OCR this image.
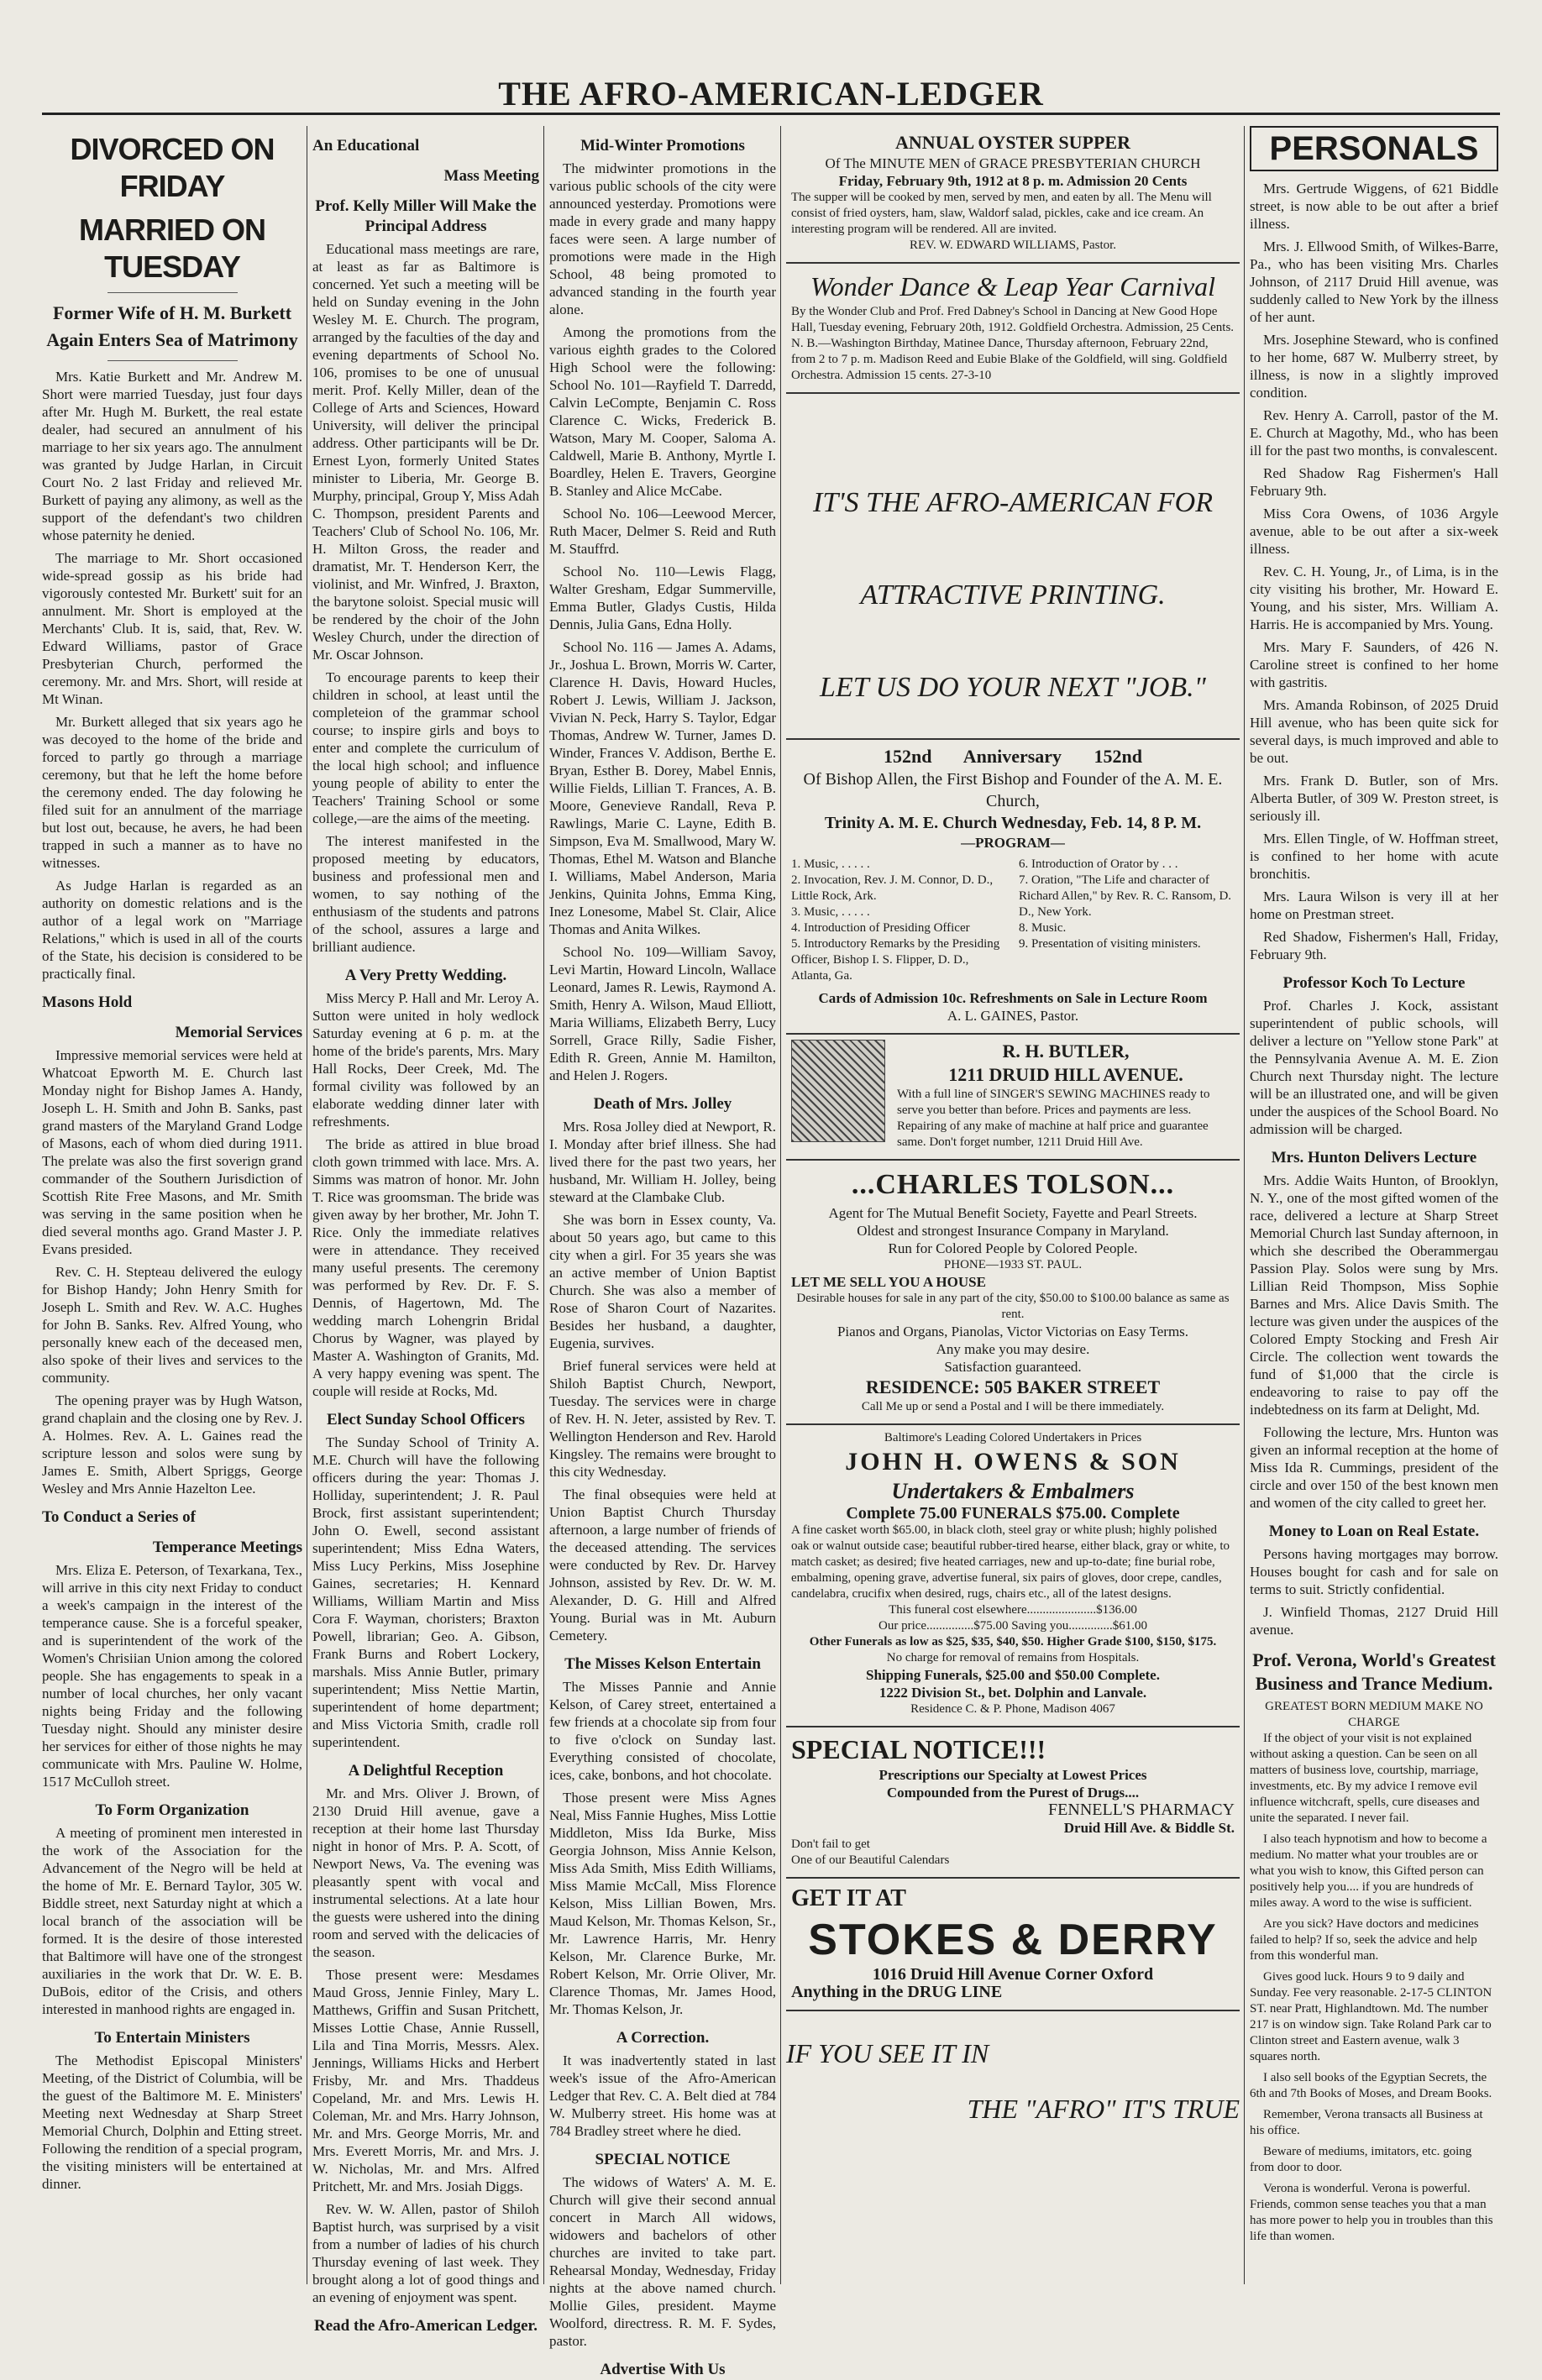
THE AFRO-AMERICAN-LEDGER
DIVORCED ON FRIDAY
MARRIED ON TUESDAY
Former Wife of H. M. Burkett Again Enters Sea of Matrimony

Mrs. Katie Burkett and Mr. Andrew M. Short were married Tuesday, just four days after Mr. Hugh M. Burkett, the real estate dealer, had secured an annulment of his marriage to her six years ago. The annulment was granted by Judge Harlan, in Circuit Court No. 2 last Friday and relieved Mr. Burkett of paying any alimony, as well as the support of the defendant's two children whose paternity he denied.

The marriage to Mr. Short occasioned wide-spread gossip as his bride had vigorously contested Mr. Burkett' suit for an annulment. Mr. Short is employed at the Merchants' Club. It is, said, that, Rev. W. Edward Williams, pastor of Grace Presbyterian Church, performed the ceremony. Mr. and Mrs. Short, will reside at Mt Winan.

Mr. Burkett alleged that six years ago he was decoyed to the home of the bride and forced to partly go through a marriage ceremony, but that he left the home before the ceremony ended. The day folowing he filed suit for an annulment of the marriage but lost out, because, he avers, he had been trapped in such a manner as to have no witnesses.

As Judge Harlan is regarded as an authority on domestic relations and is the author of a legal work on "Marriage Relations," which is used in all of the courts of the State, his decision is considered to be practically final.

Masons Hold
Memorial Services

Impressive memorial services were held at Whatcoat Epworth M. E. Church last Monday night for Bishop James A. Handy, Joseph L. H. Smith and John B. Sanks, past grand masters of the Maryland Grand Lodge of Masons, each of whom died during 1911. The prelate was also the first soverign grand commander of the Southern Jurisdiction of Scottish Rite Free Masons, and Mr. Smith was serving in the same position when he died several months ago. Grand Master J. P. Evans presided.

Rev. C. H. Stepteau delivered the eulogy for Bishop Handy; John Henry Smith for Joseph L. Smith and Rev. W. A.C. Hughes for John B. Sanks. Rev. Alfred Young, who personally knew each of the deceased men, also spoke of their lives and services to the community.

The opening prayer was by Hugh Watson, grand chaplain and the closing one by Rev. J. A. Holmes. Rev. A. L. Gaines read the scripture lesson and solos were sung by James E. Smith, Albert Spriggs, George Wesley and Mrs Annie Hazelton Lee.

To Conduct a Series of
Temperance Meetings

Mrs. Eliza E. Peterson, of Texarkana, Tex., will arrive in this city next Friday to conduct a week's campaign in the interest of the temperance cause. She is a forceful speaker, and is superintendent of the work of the Women's Chrisiian Union among the colored people. She has engagements to speak in a number of local churches, her only vacant nights being Friday and the following Tuesday night. Should any minister desire her services for either of those nights he may communicate with Mrs. Pauline W. Holme, 1517 McCulloh street.

To Form Organization

A meeting of prominent men interested in the work of the Association for the Advancement of the Negro will be held at the home of Mr. E. Bernard Taylor, 305 W. Biddle street, next Saturday night at which a local branch of the association will be formed. It is the desire of those interested that Baltimore will have one of the strongest auxiliaries in the work that Dr. W. E. B. DuBois, editor of the Crisis, and others interested in manhood rights are engaged in.

To Entertain Ministers

The Methodist Episcopal Ministers' Meeting, of the District of Columbia, will be the guest of the Baltimore M. E. Ministers' Meeting next Wednesday at Sharp Street Memorial Church, Dolphin and Etting street. Following the rendition of a special program, the visiting ministers will be entertained at dinner.

An Educational
Mass Meeting
Prof. Kelly Miller Will Make the Principal Address

Educational mass meetings are rare, at least as far as Baltimore is concerned. Yet such a meeting will be held on Sunday evening in the John Wesley M. E. Church. The program, arranged by the faculties of the day and evening departments of School No. 106, promises to be one of unusual merit. Prof. Kelly Miller, dean of the College of Arts and Sciences, Howard University, will deliver the principal address. Other participants will be Dr. Ernest Lyon, formerly United States minister to Liberia, Mr. George B. Murphy, principal, Group Y, Miss Adah C. Thompson, president Parents and Teachers' Club of School No. 106, Mr. H. Milton Gross, the reader and dramatist, Mr. T. Henderson Kerr, the violinist, and Mr. Winfred, J. Braxton, the barytone soloist. Special music will be rendered by the choir of the John Wesley Church, under the direction of Mr. Oscar Johnson.

To encourage parents to keep their children in school, at least until the completeion of the grammar school course; to inspire girls and boys to enter and complete the curriculum of the local high school; and influence young people of ability to enter the Teachers' Training School or some college,—are the aims of the meeting.

The interest manifested in the proposed meeting by educators, business and professional men and women, to say nothing of the enthusiasm of the students and patrons of the school, assures a large and brilliant audience.

A Very Pretty Wedding.

Miss Mercy P. Hall and Mr. Leroy A. Sutton were united in holy wedlock Saturday evening at 6 p. m. at the home of the bride's parents, Mrs. Mary Hall Rocks, Deer Creek, Md. The formal civility was followed by an elaborate wedding dinner later with refreshments.

The bride as attired in blue broad cloth gown trimmed with lace. Mrs. A. Simms was matron of honor. Mr. John T. Rice was groomsman. The bride was given away by her brother, Mr. John T. Rice. Only the immediate relatives were in attendance. They received many useful presents. The ceremony was performed by Rev. Dr. F. S. Dennis, of Hagertown, Md. The wedding march Lohengrin Bridal Chorus by Wagner, was played by Master A. Washington of Granits, Md. A very happy evening was spent. The couple will reside at Rocks, Md.

Elect Sunday School Officers

The Sunday School of Trinity A. M.E. Church will have the following officers during the year: Thomas J. Holliday, superintendent; J. R. Paul Brock, first assistant superintendent; John O. Ewell, second assistant superintendent; Miss Edna Waters, Miss Lucy Perkins, Miss Josephine Gaines, secretaries; H. Kennard Williams, William Martin and Miss Cora F. Wayman, choristers; Braxton Powell, librarian; Geo. A. Gibson, Frank Burns and Robert Lockery, marshals. Miss Annie Butler, primary superintendent; Miss Nettie Martin, superintendent of home department; and Miss Victoria Smith, cradle roll superintendent.

A Delightful Reception

Mr. and Mrs. Oliver J. Brown, of 2130 Druid Hill avenue, gave a reception at their home last Thursday night in honor of Mrs. P. A. Scott, of Newport News, Va. The evening was pleasantly spent with vocal and instrumental selections. At a late hour the guests were ushered into the dining room and served with the delicacies of the season.

Those present were: Mesdames Maud Gross, Jennie Finley, Mary L. Matthews, Griffin and Susan Pritchett, Misses Lottie Chase, Annie Russell, Lila and Tina Morris, Messrs. Alex. Jennings, Williams Hicks and Herbert Frisby, Mr. and Mrs. Thaddeus Copeland, Mr. and Mrs. Lewis H. Coleman, Mr. and Mrs. Harry Johnson, Mr. and Mrs. George Morris, Mr. and Mrs. Everett Morris, Mr. and Mrs. J. W. Nicholas, Mr. and Mrs. Alfred Pritchett, Mr. and Mrs. Josiah Diggs.

Rev. W. W. Allen, pastor of Shiloh Baptist hurch, was surprised by a visit from a number of ladies of his church Thursday evening of last week. They brought along a lot of good things and an evening of enjoyment was spent.

Read the Afro-American Ledger.
Mid-Winter Promotions

The midwinter promotions in the various public schools of the city were announced yesterday. Promotions were made in every grade and many happy faces were seen. A large number of promotions were made in the High School, 48 being promoted to advanced standing in the fourth year alone.

Among the promotions from the various eighth grades to the Colored High School were the following: School No. 101—Rayfield T. Darredd, Calvin LeCompte, Benjamin C. Ross Clarence C. Wicks, Frederick B. Watson, Mary M. Cooper, Saloma A. Caldwell, Marie B. Anthony, Myrtle I. Boardley, Helen E. Travers, Georgine B. Stanley and Alice McCabe.

School No. 106—Leewood Mercer, Ruth Macer, Delmer S. Reid and Ruth M. Stauffrd.

School No. 110—Lewis Flagg, Walter Gresham, Edgar Summerville, Emma Butler, Gladys Custis, Hilda Dennis, Julia Gans, Edna Holly.

School No. 116 — James A. Adams, Jr., Joshua L. Brown, Morris W. Carter, Clarence H. Davis, Howard Hucles, Robert J. Lewis, William J. Jackson, Vivian N. Peck, Harry S. Taylor, Edgar Thomas, Andrew W. Turner, James D. Winder, Frances V. Addison, Berthe E. Bryan, Esther B. Dorey, Mabel Ennis, Willie Fields, Lillian T. Frances, A. B. Moore, Genevieve Randall, Reva P. Rawlings, Marie C. Layne, Edith B. Simpson, Eva M. Smallwood, Mary W. Thomas, Ethel M. Watson and Blanche I. Williams, Mabel Anderson, Maria Jenkins, Quinita Johns, Emma King, Inez Lonesome, Mabel St. Clair, Alice Thomas and Anita Wilkes.

School No. 109—William Savoy, Levi Martin, Howard Lincoln, Wallace Leonard, James R. Lewis, Raymond A. Smith, Henry A. Wilson, Maud Elliott, Maria Williams, Elizabeth Berry, Lucy Sorrell, Grace Rilly, Sadie Fisher, Edith R. Green, Annie M. Hamilton, and Helen J. Rogers.

Death of Mrs. Jolley

Mrs. Rosa Jolley died at Newport, R. I. Monday after brief illness. She had lived there for the past two years, her husband, Mr. William H. Jolley, being steward at the Clambake Club.

She was born in Essex county, Va. about 50 years ago, but came to this city when a girl. For 35 years she was an active member of Union Baptist Church. She was also a member of Rose of Sharon Court of Nazarites. Besides her husband, a daughter, Eugenia, survives.

Brief funeral services were held at Shiloh Baptist Church, Newport, Tuesday. The services were in charge of Rev. H. N. Jeter, assisted by Rev. T. Wellington Henderson and Rev. Harold Kingsley. The remains were brought to this city Wednesday.

The final obsequies were held at Union Baptist Church Thursday afternoon, a large number of friends of the deceased attending. The services were conducted by Rev. Dr. Harvey Johnson, assisted by Rev. Dr. W. M. Alexander, D. G. Hill and Alfred Young. Burial was in Mt. Auburn Cemetery.

The Misses Kelson Entertain

The Misses Pannie and Annie Kelson, of Carey street, entertained a few friends at a chocolate sip from four to five o'clock on Sunday last. Everything consisted of chocolate, ices, cake, bonbons, and hot chocolate.

Those present were Miss Agnes Neal, Miss Fannie Hughes, Miss Lottie Middleton, Miss Ida Burke, Miss Georgia Johnson, Miss Annie Kelson, Miss Ada Smith, Miss Edith Williams, Miss Mamie McCall, Miss Florence Kelson, Miss Lillian Bowen, Mrs. Maud Kelson, Mr. Thomas Kelson, Sr., Mr. Lawrence Harris, Mr. Henry Kelson, Mr. Clarence Burke, Mr. Robert Kelson, Mr. Orrie Oliver, Mr. Clarence Thomas, Mr. James Hood, Mr. Thomas Kelson, Jr.

A Correction.

It was inadvertently stated in last week's issue of the Afro-American Ledger that Rev. C. A. Belt died at 784 W. Mulberry street. His home was at 784 Bradley street where he died.

SPECIAL NOTICE

The widows of Waters' A. M. E. Church will give their second annual concert in March All widows, widowers and bachelors of other churches are invited to take part. Rehearsal Monday, Wednesday, Friday nights at the above named church. Mollie Giles, president. Mayme Woolford, directress. R. M. F. Sydes, pastor.

Advertise With Us
ANNUAL OYSTER SUPPER
Of The MINUTE MEN of GRACE PRESBYTERIAN CHURCH
Friday, February 9th, 1912 at 8 p. m. Admission 20 Cents
The supper will be cooked by men, served by men, and eaten by all. The Menu will consist of fried oysters, ham, slaw, Waldorf salad, pickles, cake and ice cream. An interesting program will be rendered. All are invited.
REV. W. EDWARD WILLIAMS, Pastor.
Wonder Dance & Leap Year Carnival
By the Wonder Club and Prof. Fred Dabney's School in Dancing at New Good Hope Hall, Tuesday evening, February 20th, 1912. Goldfield Orchestra. Admission, 25 Cents. N. B.—Washington Birthday, Matinee Dance, Thursday afternoon, February 22nd, from 2 to 7 p. m. Madison Reed and Eubie Blake of the Goldfield, will sing. Goldfield Orchestra. Admission 15 cents. 27-3-10
IT'S THE AFRO-AMERICAN FOR
ATTRACTIVE PRINTING.
LET US DO YOUR NEXT "JOB."
152nd       Anniversary       152nd
Of Bishop Allen, the First Bishop and Founder of the A. M. E. Church,
Trinity A. M. E. Church Wednesday, Feb. 14, 8 P. M.
—PROGRAM—
1. Music, . . . . .
2. Invocation, Rev. J. M. Connor, D. D., Little Rock, Ark.
3. Music, . . . . .
4. Introduction of Presiding Officer
5. Introductory Remarks by the Presiding Officer, Bishop I. S. Flipper, D. D., Atlanta, Ga.
6. Introduction of Orator by . . .
7. Oration, "The Life and character of Richard Allen," by Rev. R. C. Ransom, D. D., New York.
8. Music.
9. Presentation of visiting ministers.
Cards of Admission 10c. Refreshments on Sale in Lecture Room
A. L. GAINES, Pastor.
R. H. BUTLER,
1211 DRUID HILL AVENUE.
With a full line of SINGER'S SEWING MACHINES ready to serve you better than before. Prices and payments are less. Repairing of any make of machine at half price and guarantee same. Don't forget number, 1211 Druid Hill Ave.
...CHARLES TOLSON...
Agent for The Mutual Benefit Society, Fayette and Pearl Streets.
Oldest and strongest Insurance Company in Maryland.
Run for Colored People by Colored People.
PHONE—1933 ST. PAUL.
LET ME SELL YOU A HOUSE
Desirable houses for sale in any part of the city, $50.00 to $100.00 balance as same as rent.
Pianos and Organs, Pianolas, Victor Victorias on Easy Terms.
Any make you may desire.
Satisfaction guaranteed.
RESIDENCE: 505 BAKER STREET
Call Me up or send a Postal and I will be there immediately.
Baltimore's Leading Colored Undertakers in Prices
JOHN H. OWENS & SON
Undertakers & Embalmers
Complete 75.00 FUNERALS $75.00. Complete
A fine casket worth $65.00, in black cloth, steel gray or white plush; highly polished oak or walnut outside case; beautiful rubber-tired hearse, either black, gray or white, to match casket; as desired; five heated carriages, new and up-to-date; fine burial robe, embalming, opening grave, advertise funeral, six pairs of gloves, door crepe, candles, candelabra, crucifix when desired, rugs, chairs etc., all of the latest designs.
This funeral cost elsewhere......................$136.00
Our price...............$75.00 Saving you..............$61.00
Other Funerals as low as $25, $35, $40, $50. Higher Grade $100, $150, $175.
No charge for removal of remains from Hospitals.
Shipping Funerals, $25.00 and $50.00 Complete.
1222 Division St., bet. Dolphin and Lanvale.
Residence C. & P. Phone, Madison 4067
SPECIAL NOTICE!!!
Prescriptions our Specialty at Lowest Prices
Compounded from the Purest of Drugs....
FENNELL'S PHARMACY
Druid Hill Ave. & Biddle St.
Don't fail to get
One of our Beautiful Calendars
GET IT AT
STOKES & DERRY
1016 Druid Hill Avenue Corner Oxford
Anything in the DRUG LINE
IF YOU SEE IT IN
THE "AFRO" IT'S TRUE
PERSONALS

Mrs. Gertrude Wiggens, of 621 Biddle street, is now able to be out after a brief illness.

Mrs. J. Ellwood Smith, of Wilkes-Barre, Pa., who has been visiting Mrs. Charles Johnson, of 2117 Druid Hill avenue, was suddenly called to New York by the illness of her aunt.

Mrs. Josephine Steward, who is confined to her home, 687 W. Mulberry street, by illness, is now in a slightly improved condition.

Rev. Henry A. Carroll, pastor of the M. E. Church at Magothy, Md., who has been ill for the past two months, is convalescent.

Red Shadow Rag Fishermen's Hall February 9th.

Miss Cora Owens, of 1036 Argyle avenue, able to be out after a six-week illness.

Rev. C. H. Young, Jr., of Lima, is in the city visiting his brother, Mr. Howard E. Young, and his sister, Mrs. William A. Harris. He is accompanied by Mrs. Young.

Mrs. Mary F. Saunders, of 426 N. Caroline street is confined to her home with gastritis.

Mrs. Amanda Robinson, of 2025 Druid Hill avenue, who has been quite sick for several days, is much improved and able to be out.

Mrs. Frank D. Butler, son of Mrs. Alberta Butler, of 309 W. Preston street, is seriously ill.

Mrs. Ellen Tingle, of W. Hoffman street, is confined to her home with acute bronchitis.

Mrs. Laura Wilson is very ill at her home on Prestman street.

Red Shadow, Fishermen's Hall, Friday, February 9th.

Professor Koch To Lecture

Prof. Charles J. Kock, assistant superintendent of public schools, will deliver a lecture on "Yellow stone Park" at the Pennsylvania Avenue A. M. E. Zion Church next Thursday night. The lecture will be an illustrated one, and will be given under the auspices of the School Board. No admission will be charged.

Mrs. Hunton Delivers Lecture

Mrs. Addie Waits Hunton, of Brooklyn, N. Y., one of the most gifted women of the race, delivered a lecture at Sharp Street Memorial Church last Sunday afternoon, in which she described the Oberammergau Passion Play. Solos were sung by Mrs. Lillian Reid Thompson, Miss Sophie Barnes and Mrs. Alice Davis Smith. The lecture was given under the auspices of the Colored Empty Stocking and Fresh Air Circle. The collection went towards the fund of $1,000 that the circle is endeavoring to raise to pay off the indebtedness on its farm at Delight, Md.

Following the lecture, Mrs. Hunton was given an informal reception at the home of Miss Ida R. Cummings, president of the circle and over 150 of the best known men and women of the city called to greet her.

Money to Loan on Real Estate.

Persons having mortgages may borrow. Houses bought for cash and for sale on terms to suit. Strictly confidential.

J. Winfield Thomas, 2127 Druid Hill avenue.

Prof. Verona, World's Greatest Business and Trance Medium.
GREATEST BORN MEDIUM MAKE NO CHARGE

If the object of your visit is not explained without asking a question. Can be seen on all matters of business love, courtship, marriage, investments, etc. By my advice I remove evil influence witchcraft, spells, cure diseases and unite the separated. I never fail.

I also teach hypnotism and how to become a medium. No matter what your troubles are or what you wish to know, this Gifted person can positively help you.... if you are hundreds of miles away. A word to the wise is sufficient.

Are you sick? Have doctors and medicines failed to help? If so, seek the advice and help from this wonderful man.

Gives good luck. Hours 9 to 9 daily and Sunday. Fee very reasonable. 2-17-5 CLINTON ST. near Pratt, Highlandtown. Md. The number 217 is on window sign. Take Roland Park car to Clinton street and Eastern avenue, walk 3 squares north.

I also sell books of the Egyptian Secrets, the 6th and 7th Books of Moses, and Dream Books.

Remember, Verona transacts all Business at his office.

Beware of mediums, imitators, etc. going from door to door.

Verona is wonderful. Verona is powerful. Friends, common sense teaches you that a man has more power to help you in troubles than this life than women.
